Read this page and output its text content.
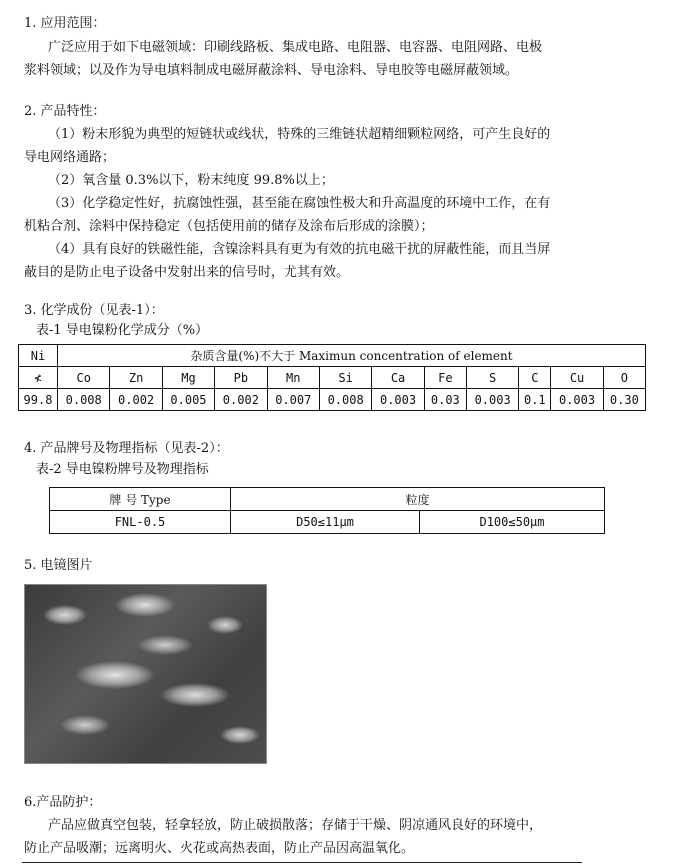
1. 应用范围：
广泛应用于如下电磁领域：印刷线路板、集成电路、电阻器、电容器、电阻网路、电极
浆料领域；以及作为导电填料制成电磁屏蔽涂料、导电涂料、导电胶等电磁屏蔽领域。
2. 产品特性：
（1）粉末形貌为典型的短链状或线状，特殊的三维链状超精细颗粒网络，可产生良好的
导电网络通路；
（2）氧含量 0.3%以下，粉末纯度 99.8%以上；
（3）化学稳定性好，抗腐蚀性强，甚至能在腐蚀性极大和升高温度的环境中工作，在有
机粘合剂、涂料中保持稳定（包括使用前的储存及涂布后形成的涂膜）；
（4）具有良好的铁磁性能，含镍涂料具有更为有效的抗电磁干扰的屏蔽性能，而且当屏
蔽目的是防止电子设备中发射出来的信号时，尤其有效。
3. 化学成份（见表-1）：
表-1 导电镍粉化学成分（%）
Ni	杂质含量(%)不大于 Maximun concentration of element											
≮	Co	Zn	Mg	Pb	Mn	Si	Ca	Fe	S	C	Cu	O
99.8	0.008	0.002	0.005	0.002	0.007	0.008	0.003	0.03	0.003	0.1	0.003	0.30
4. 产品牌号及物理指标（见表-2）：
表-2 导电镍粉牌号及物理指标
牌 号 Type	粒度	
FNL-0.5	D50≤11μm	D100≤50μm
5. 电镜图片
6.产品防护：
产品应做真空包装，轻拿轻放，防止破损散落；存储于干燥、阴凉通风良好的环境中，
防止产品吸潮；远离明火、火花或高热表面，防止产品因高温氧化。
